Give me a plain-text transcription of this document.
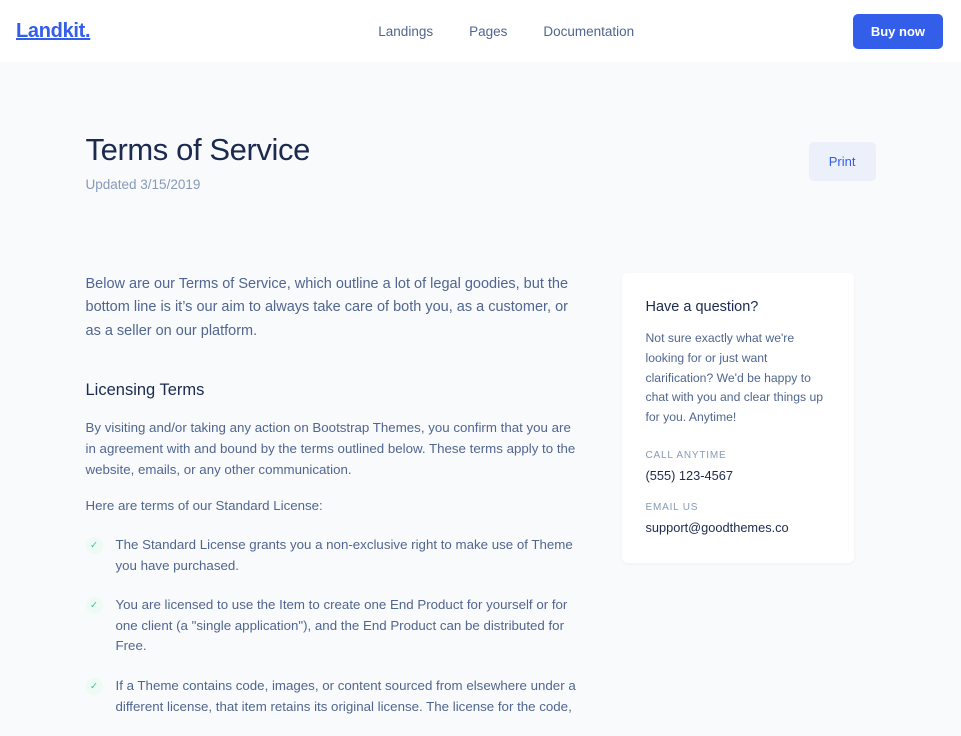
Landkit.	Landings	Pages	Documentation	Buy now
Terms of Service

Updated 3/15/2019

Print

Below are our Terms of Service, which outline a lot of legal goodies, but the bottom line is it’s our aim to always take care of both you, as a customer, or as a seller on our platform.

Licensing Terms

By visiting and/or taking any action on Bootstrap Themes, you confirm that you are in agreement with and bound by the terms outlined below. These terms apply to the website, emails, or any other communication.

Here are terms of our Standard License:

✓	The Standard License grants you a non-exclusive right to make use of Theme you have purchased.
✓	You are licensed to use the Item to create one End Product for yourself or for one client (a "single application"), and the End Product can be distributed for Free.
✓	If a Theme contains code, images, or content sourced from elsewhere under a different license, that item retains its original license. The license for the code,
Have a question?

Not sure exactly what we're looking for or just want clarification? We'd be happy to chat with you and clear things up for you. Anytime!

CALL ANYTIME

(555) 123-4567

EMAIL US

support@goodthemes.co
